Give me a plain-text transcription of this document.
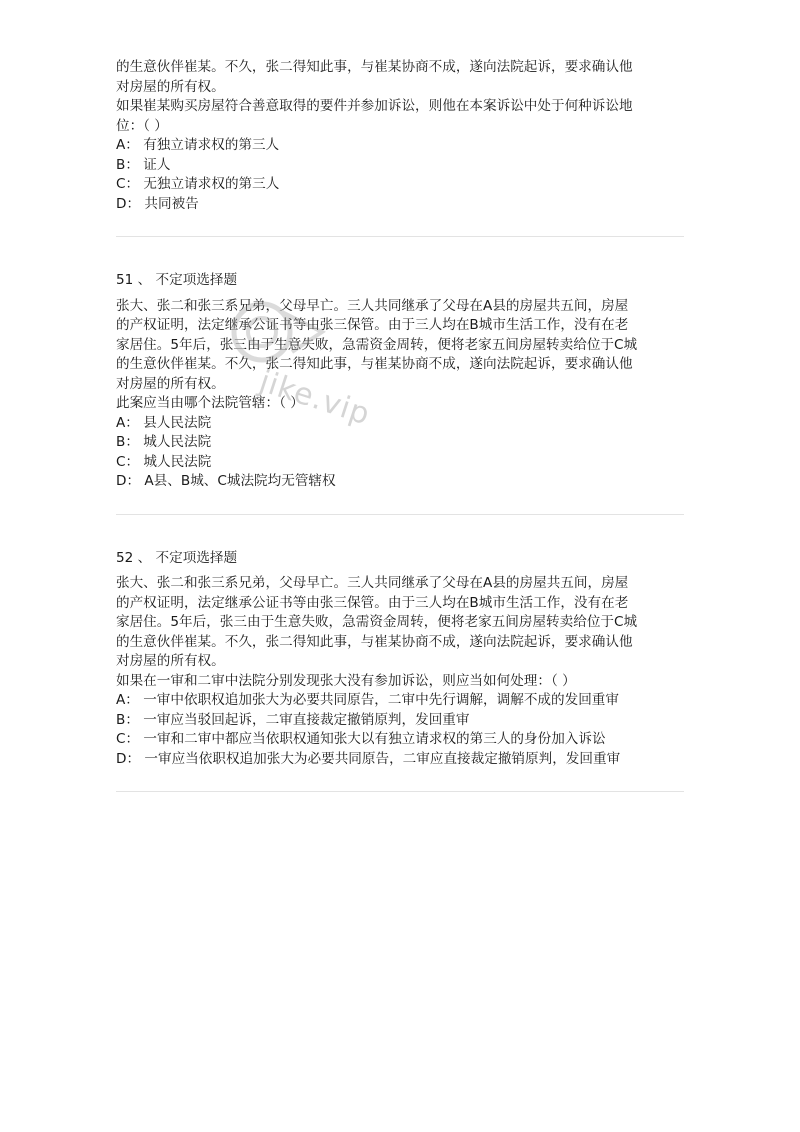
的生意伙伴崔某。不久，张二得知此事，与崔某协商不成，遂向法院起诉，要求确认他

对房屋的所有权。

如果崔某购买房屋符合善意取得的要件并参加诉讼，则他在本案诉讼中处于何种诉讼地

位：（ ）

A： 有独立请求权的第三人

B： 证人

C： 无独立请求权的第三人

D： 共同被告

51 、 不定项选择题

张大、张二和张三系兄弟，父母早亡。三人共同继承了父母在A县的房屋共五间，房屋

的产权证明，法定继承公证书等由张三保管。由于三人均在B城市生活工作，没有在老

家居住。5年后，张三由于生意失败，急需资金周转，便将老家五间房屋转卖给位于C城

的生意伙伴崔某。不久，张二得知此事，与崔某协商不成，遂向法院起诉，要求确认他

对房屋的所有权。

此案应当由哪个法院管辖：（ ）

A： 县人民法院

B： 城人民法院

C： 城人民法院

D： A县、B城、C城法院均无管辖权

52 、 不定项选择题

张大、张二和张三系兄弟，父母早亡。三人共同继承了父母在A县的房屋共五间，房屋

的产权证明，法定继承公证书等由张三保管。由于三人均在B城市生活工作，没有在老

家居住。5年后，张三由于生意失败，急需资金周转，便将老家五间房屋转卖给位于C城

的生意伙伴崔某。不久，张二得知此事，与崔某协商不成，遂向法院起诉，要求确认他

对房屋的所有权。

如果在一审和二审中法院分别发现张大没有参加诉讼，则应当如何处理：（ ）

A： 一审中依职权追加张大为必要共同原告，二审中先行调解，调解不成的发回重审

B： 一审应当驳回起诉，二审直接裁定撤销原判，发回重审

C： 一审和二审中都应当依职权通知张大以有独立请求权的第三人的身份加入诉讼

D： 一审应当依职权追加张大为必要共同原告，二审应直接裁定撤销原判，发回重审

jike.vip
